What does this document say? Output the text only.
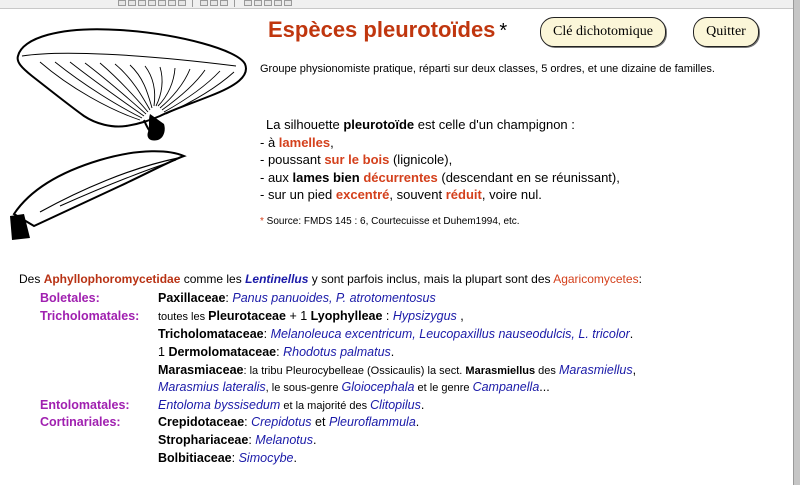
Espèces pleurotoïdes *	Clé dichotomique	Quitter
Groupe physionomiste pratique, réparti sur deux classes, 5 ordres, et une dizaine de familles.
La silhouette pleurotoïde est celle d'un champignon :
- à lamelles,
- poussant sur le bois (lignicole),
- aux lames bien décurrentes (descendant en se réunissant),
- sur un pied excentré, souvent réduit, voire nul.
* Source: FMDS 145 : 6, Courtecuisse et Duhem1994, etc.
Des Aphyllophoromycetidae comme les Lentinellus y sont parfois inclus, mais la plupart sont des Agaricomycetes:
Boletales:
Tricholomatales:
Entolomatales:
Cortinariales:
Paxillaceae: Panus panuoides, P. atrotomentosus
toutes les Pleurotaceae + 1 Lyophylleae : Hypsizygus ,
Tricholomataceae: Melanoleuca excentricum, Leucopaxillus nauseodulcis, L. tricolor.
1 Dermolomataceae: Rhodotus palmatus.
Marasmiaceae: la tribu Pleurocybelleae (Ossicaulis) la sect. Marasmiellus des Marasmiellus,
Marasmius lateralis, le sous-genre Gloiocephala et le genre Campanella...
Entoloma byssisedum et la majorité des Clitopilus.
Crepidotaceae: Crepidotus et Pleuroflammula.
Strophariaceae: Melanotus.
Bolbitiaceae: Simocybe.
